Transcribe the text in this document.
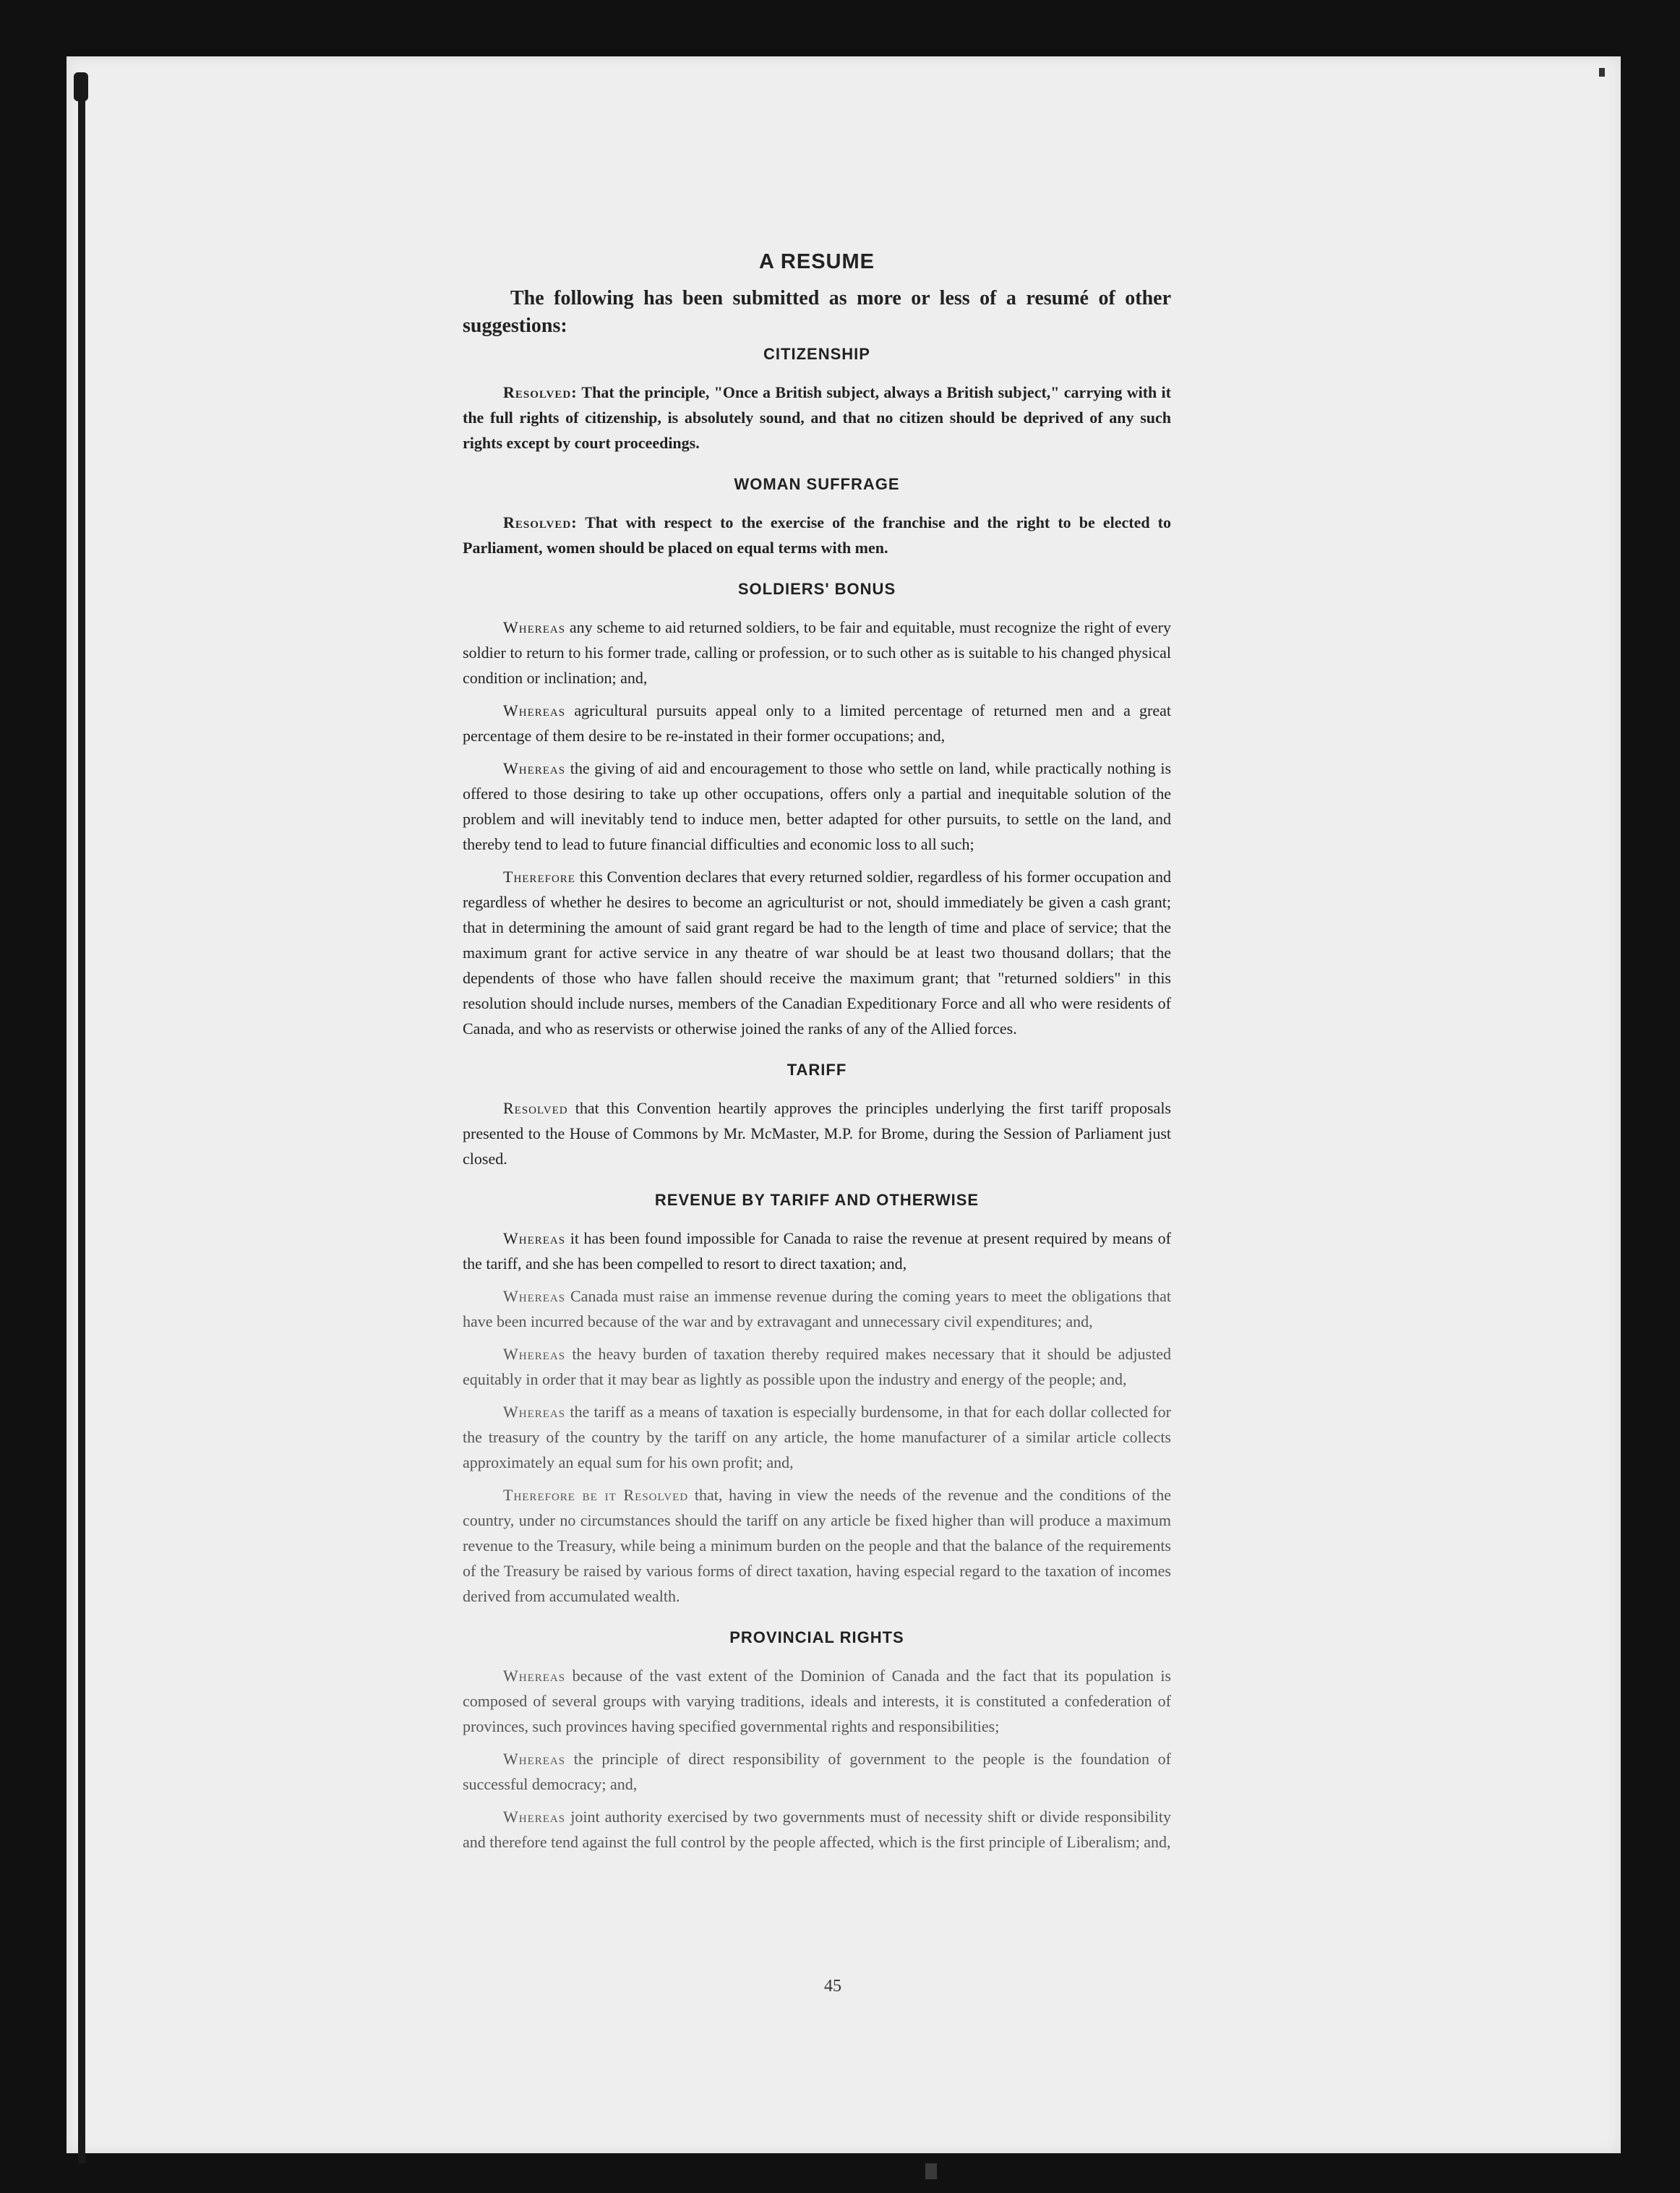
A RESUME

The following has been submitted as more or less of a resumé of other suggestions:

CITIZENSHIP

Resolved: That the principle, "Once a British subject, always a British subject," carrying with it the full rights of citizenship, is absolutely sound, and that no citizen should be deprived of any such rights except by court proceedings.

WOMAN SUFFRAGE

Resolved: That with respect to the exercise of the franchise and the right to be elected to Parliament, women should be placed on equal terms with men.

SOLDIERS' BONUS

Whereas any scheme to aid returned soldiers, to be fair and equitable, must recognize the right of every soldier to return to his former trade, calling or profession, or to such other as is suitable to his changed physical condition or inclination; and,

Whereas agricultural pursuits appeal only to a limited percentage of returned men and a great percentage of them desire to be re-instated in their former occupations; and,

Whereas the giving of aid and encouragement to those who settle on land, while practically nothing is offered to those desiring to take up other occupations, offers only a partial and inequitable solution of the problem and will inevitably tend to induce men, better adapted for other pursuits, to settle on the land, and thereby tend to lead to future financial difficulties and economic loss to all such;

Therefore this Convention declares that every returned soldier, regardless of his former occupation and regardless of whether he desires to become an agriculturist or not, should immediately be given a cash grant; that in determining the amount of said grant regard be had to the length of time and place of service; that the maximum grant for active service in any theatre of war should be at least two thousand dollars; that the dependents of those who have fallen should receive the maximum grant; that "returned soldiers" in this resolution should include nurses, members of the Canadian Expeditionary Force and all who were residents of Canada, and who as reservists or otherwise joined the ranks of any of the Allied forces.

TARIFF

Resolved that this Convention heartily approves the principles underlying the first tariff proposals presented to the House of Commons by Mr. McMaster, M.P. for Brome, during the Session of Parliament just closed.

REVENUE BY TARIFF AND OTHERWISE

Whereas it has been found impossible for Canada to raise the revenue at present required by means of the tariff, and she has been compelled to resort to direct taxation; and,

Whereas Canada must raise an immense revenue during the coming years to meet the obligations that have been incurred because of the war and by extravagant and unnecessary civil expenditures; and,

Whereas the heavy burden of taxation thereby required makes necessary that it should be adjusted equitably in order that it may bear as lightly as possible upon the industry and energy of the people; and,

Whereas the tariff as a means of taxation is especially burdensome, in that for each dollar collected for the treasury of the country by the tariff on any article, the home manufacturer of a similar article collects approximately an equal sum for his own profit; and,

Therefore be it Resolved that, having in view the needs of the revenue and the conditions of the country, under no circumstances should the tariff on any article be fixed higher than will produce a maximum revenue to the Treasury, while being a minimum burden on the people and that the balance of the requirements of the Treasury be raised by various forms of direct taxation, having especial regard to the taxation of incomes derived from accumulated wealth.

PROVINCIAL RIGHTS

Whereas because of the vast extent of the Dominion of Canada and the fact that its population is composed of several groups with varying traditions, ideals and interests, it is constituted a confederation of provinces, such provinces having specified governmental rights and responsibilities;

Whereas the principle of direct responsibility of government to the people is the foundation of successful democracy; and,

Whereas joint authority exercised by two governments must of necessity shift or divide responsibility and therefore tend against the full control by the people affected, which is the first principle of Liberalism; and,

45
